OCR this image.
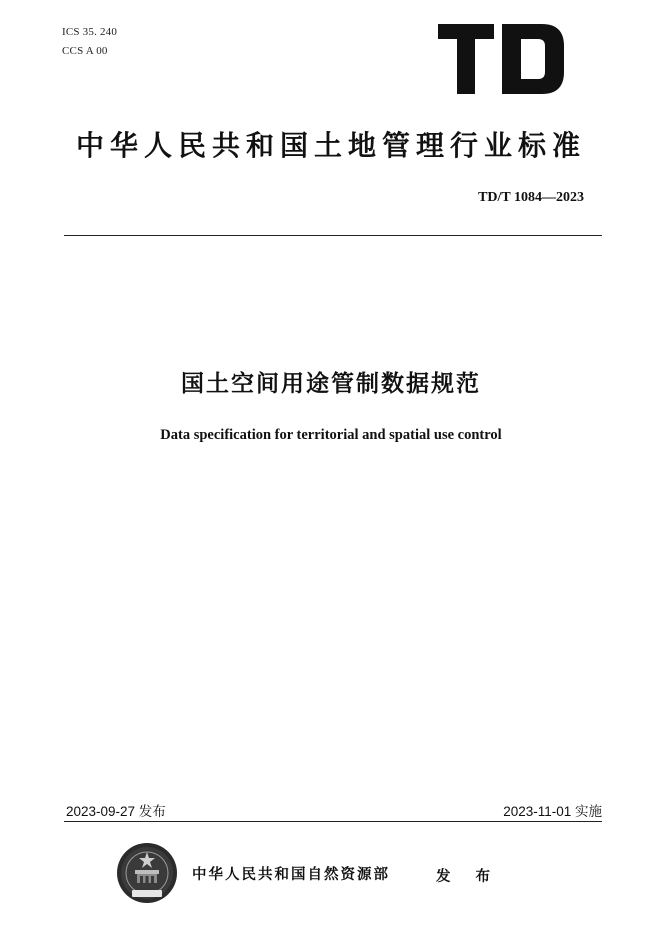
ICS 35. 240
CCS A 00
中华人民共和国土地管理行业标准
TD/T 1084—2023
国土空间用途管制数据规范
Data specification for territorial and spatial use control
2023-09-27 发布	2023-11-01 实施
中华人民共和国自然资源部	发 布
